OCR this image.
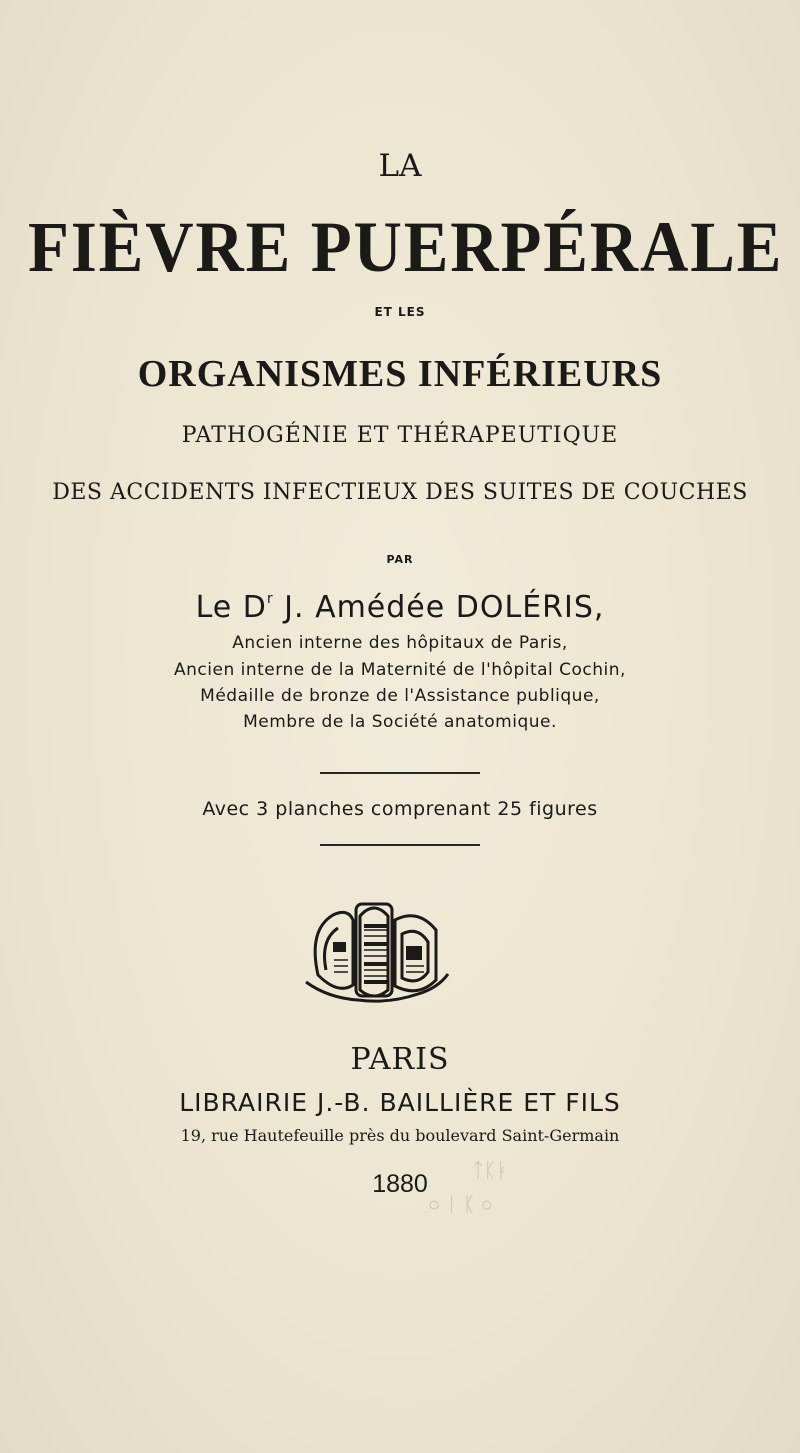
LA
FIÈVRE PUERPÉRALE
ET LES
ORGANISMES INFÉRIEURS
PATHOGÉNIE ET THÉRAPEUTIQUE
DES ACCIDENTS INFECTIEUX DES SUITES DE COUCHES
PAR
Le $D^r$ J. Amédée DOLÉRIS,
Ancien interne des hôpitaux de Paris,
Ancien interne de la Maternité de l'hôpital Cochin,
Médaille de bronze de l'Assistance publique,
Membre de la Société anatomique.
Avec 3 planches comprenant 25 figures
PARIS
LIBRAIRIE J.-B. BAILLIÈRE ET FILS
19, rue Hautefeuille près du boulevard Saint-Germain
1880	ᛏᛕᛓ
○ ᛁ ᛕ ○
